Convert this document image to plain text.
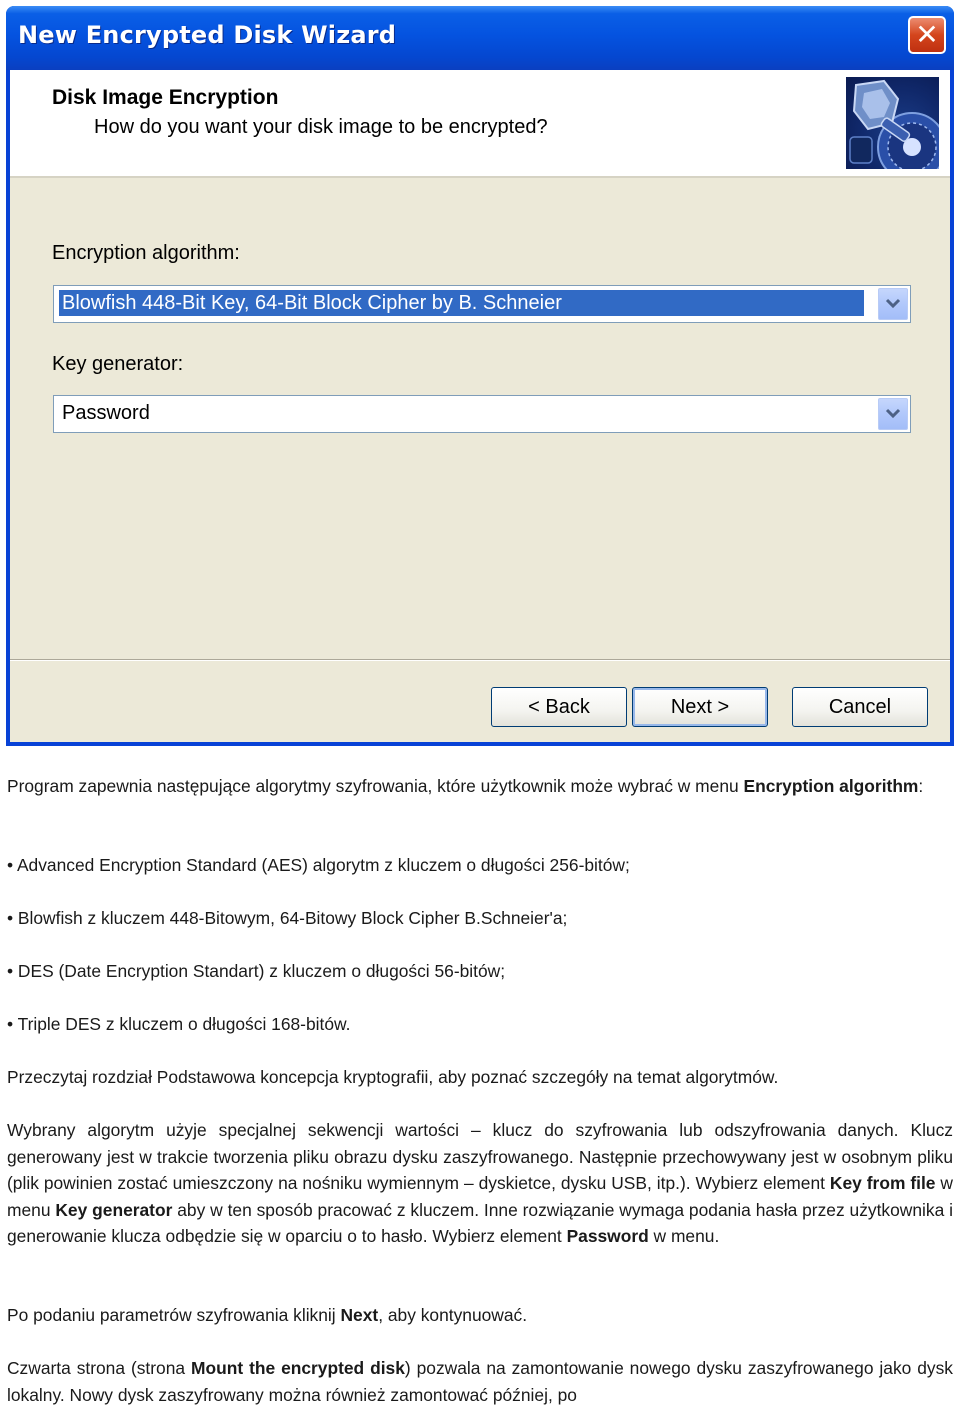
New Encrypted Disk Wizard	✕
Disk Image Encryption
How do you want your disk image to be encrypted?
Encryption algorithm:
Blowfish 448-Bit Key, 64-Bit Block Cipher by B. Schneier
Key generator:
Password
< Back	Next >	Cancel

Program zapewnia następujące algorytmy szyfrowania, które użytkownik może wybrać w menu Encryption algorithm:

• Advanced Encryption Standard (AES) algorytm z kluczem o długości 256-bitów;
• Blowfish z kluczem 448-Bitowym, 64-Bitowy Block Cipher B.Schneier'a;
• DES (Date Encryption Standart) z kluczem o długości 56-bitów;
• Triple DES z kluczem o długości 168-bitów.
Przeczytaj rozdział Podstawowa koncepcja kryptografii, aby poznać szczegóły na temat algorytmów.

Wybrany algorytm użyje specjalnej sekwencji wartości – klucz do szyfrowania lub odszyfrowania danych. Klucz generowany jest w trakcie tworzenia pliku obrazu dysku zaszyfrowanego. Następnie przechowywany jest w osobnym pliku (plik powinien zostać umieszczony na nośniku wymiennym – dyskietce, dysku USB, itp.). Wybierz element Key from file w menu Key generator aby w ten sposób pracować z kluczem. Inne rozwiązanie wymaga podania hasła przez użytkownika i generowanie klucza odbędzie się w oparciu o to hasło. Wybierz element Password w menu.

Po podaniu parametrów szyfrowania kliknij Next, aby kontynuować.

Czwarta strona (strona Mount the encrypted disk) pozwala na zamontowanie nowego dysku zaszyfrowanego jako dysk lokalny. Nowy dysk zaszyfrowany można również zamontować później, po
